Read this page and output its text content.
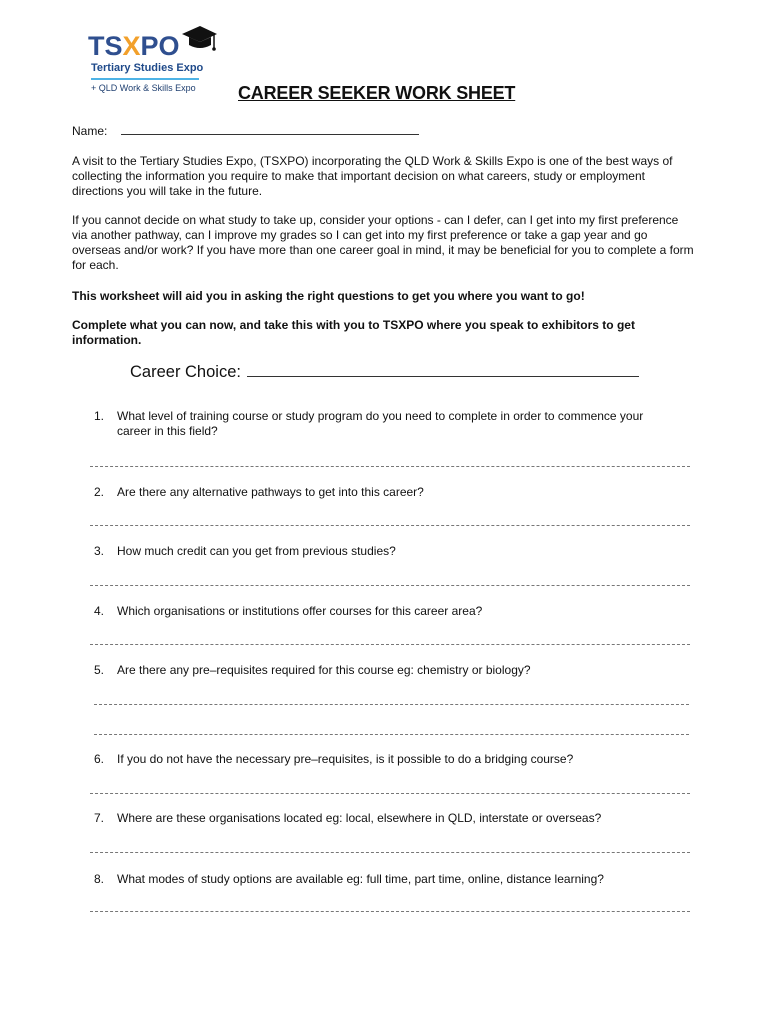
TSXPO
Tertiary Studies Expo
+ QLD Work & Skills Expo CAREER SEEKER WORK SHEET
Name:
A visit to the Tertiary Studies Expo, (TSXPO) incorporating the QLD Work & Skills Expo is one of the best ways of collecting the information you require to make that important decision on what careers, study or employment directions you will take in the future.
If you cannot decide on what study to take up, consider your options - can I defer, can I get into my first preference via another pathway, can I improve my grades so I can get into my first preference or take a gap year and go overseas and/or work? If you have more than one career goal in mind, it may be beneficial for you to complete a form for each.
This worksheet will aid you in asking the right questions to get you where you want to go!
Complete what you can now, and take this with you to TSXPO where you speak to exhibitors to get information.
Career Choice:
1. What level of training course or study program do you need to complete in order to commence your career in this field?
2. Are there any alternative pathways to get into this career?
3. How much credit can you get from previous studies?
4. Which organisations or institutions offer courses for this career area?
5. Are there any pre–requisites required for this course eg: chemistry or biology?
6. If you do not have the necessary pre–requisites, is it possible to do a bridging course?
7. Where are these organisations located eg: local, elsewhere in QLD, interstate or overseas?
8. What modes of study options are available eg: full time, part time, online, distance learning?
